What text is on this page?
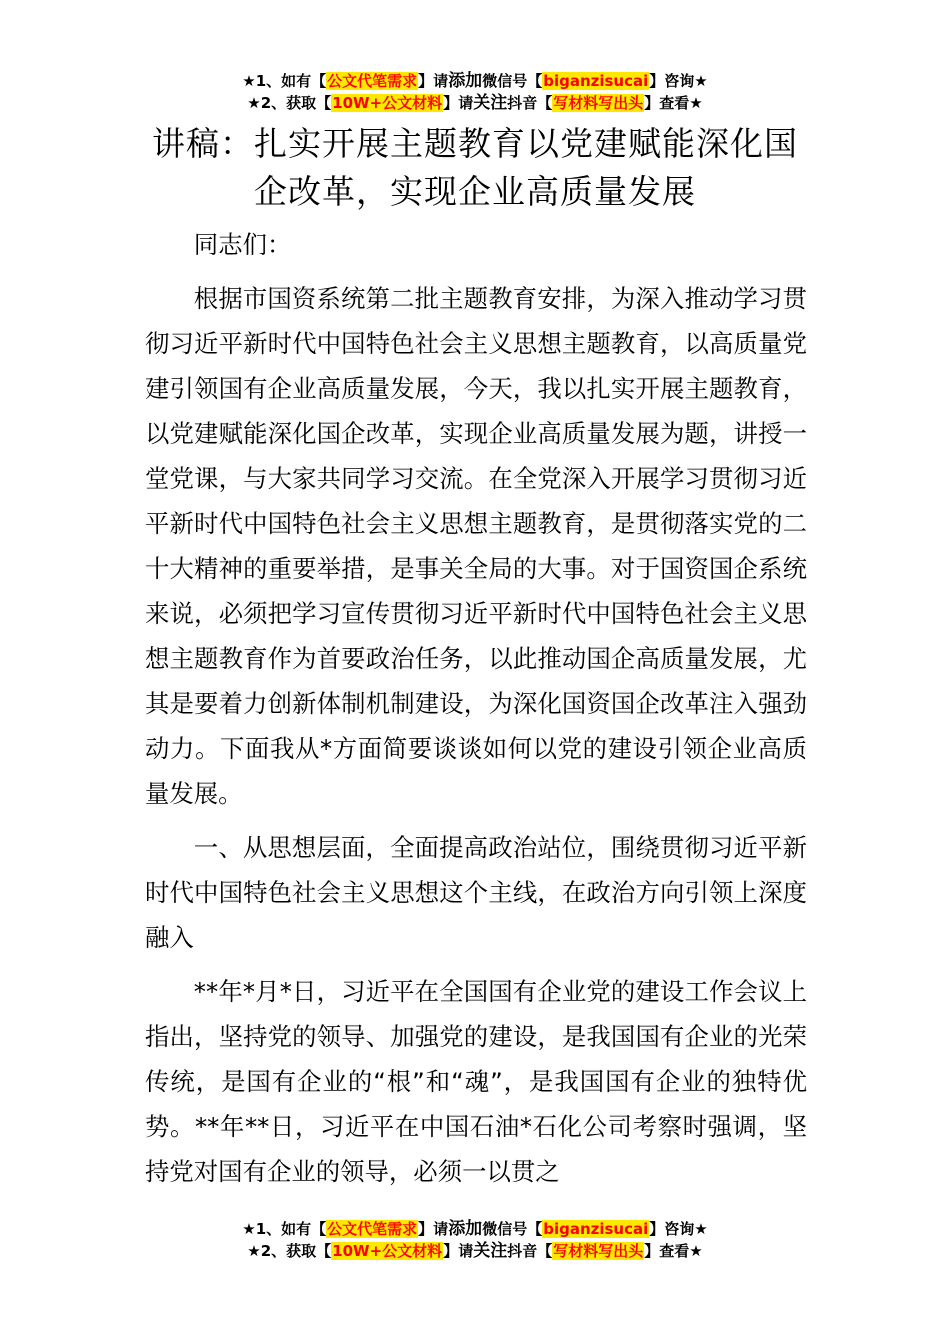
★1、如有【公文代笔需求】请添加微信号【biganzisucai】咨询★
★2、获取【10W+公文材料】请关注抖音【写材料写出头】查看★
讲稿：扎实开展主题教育以党建赋能深化国企改革，实现企业高质量发展

同志们：

根据市国资系统第二批主题教育安排，为深入推动学习贯彻习近平新时代中国特色社会主义思想主题教育，以高质量党建引领国有企业高质量发展，今天，我以扎实开展主题教育，以党建赋能深化国企改革，实现企业高质量发展为题，讲授一堂党课，与大家共同学习交流。在全党深入开展学习贯彻习近平新时代中国特色社会主义思想主题教育，是贯彻落实党的二十大精神的重要举措，是事关全局的大事。对于国资国企系统来说，必须把学习宣传贯彻习近平新时代中国特色社会主义思想主题教育作为首要政治任务，以此推动国企高质量发展，尤其是要着力创新体制机制建设，为深化国资国企改革注入强劲动力。下面我从*方面简要谈谈如何以党的建设引领企业高质量发展。

一、从思想层面，全面提高政治站位，围绕贯彻习近平新时代中国特色社会主义思想这个主线，在政治方向引领上深度融入

**年*月*日，习近平在全国国有企业党的建设工作会议上指出，坚持党的领导、加强党的建设，是我国国有企业的光荣传统，是国有企业的“根”和“魂”，是我国国有企业的独特优势。**年**日，习近平在中国石油*石化公司考察时强调，坚持党对国有企业的领导，必须一以贯之

★1、如有【公文代笔需求】请添加微信号【biganzisucai】咨询★
★2、获取【10W+公文材料】请关注抖音【写材料写出头】查看★
